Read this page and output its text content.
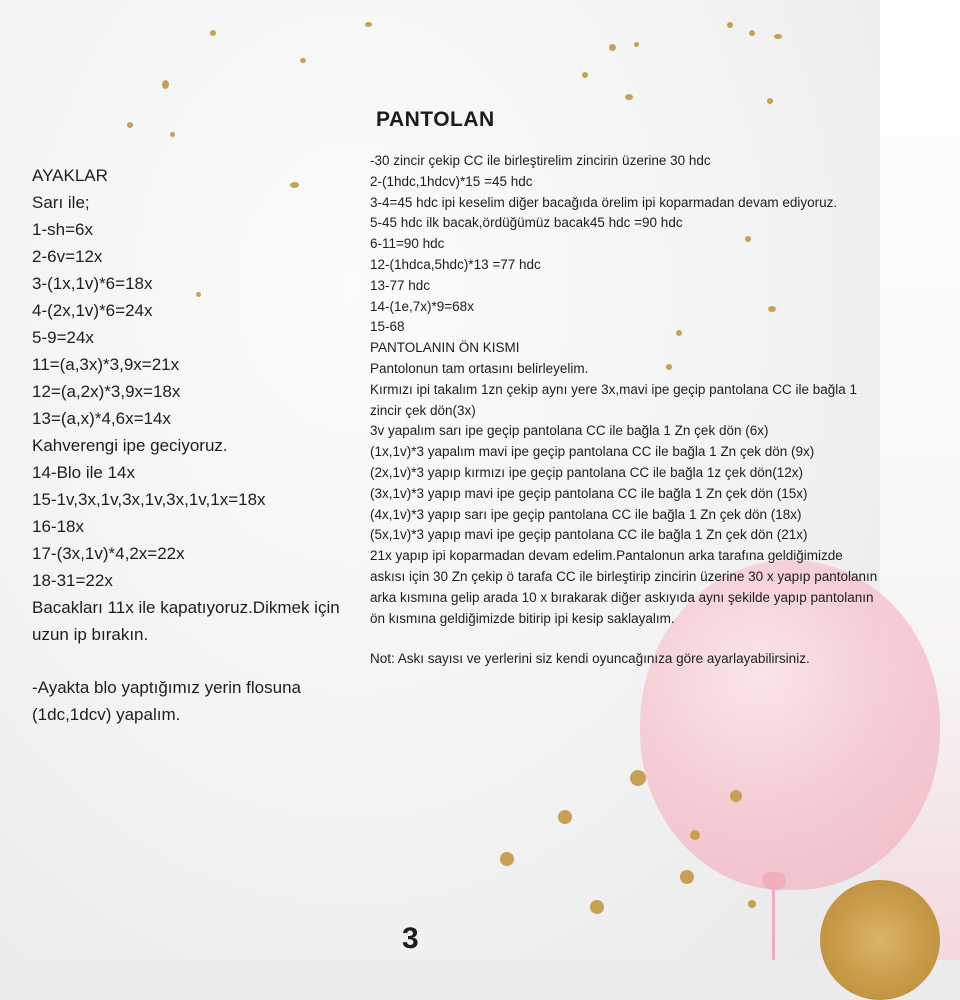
PANTOLAN
AYAKLAR
Sarı ile;
1-sh=6x
2-6v=12x
3-(1x,1v)*6=18x
4-(2x,1v)*6=24x
5-9=24x
11=(a,3x)*3,9x=21x
12=(a,2x)*3,9x=18x
13=(a,x)*4,6x=14x
Kahverengi ipe geciyoruz.
14-Blo ile 14x
15-1v,3x,1v,3x,1v,3x,1v,1x=18x
16-18x
17-(3x,1v)*4,2x=22x
18-31=22x
Bacakları 11x ile kapatıyoruz.Dikmek için uzun ip bırakın.
-Ayakta blo yaptığımız yerin flosuna (1dc,1dcv) yapalım.
-30 zincir çekip CC ile birleştirelim zincirin üzerine 30 hdc
2-(1hdc,1hdcv)*15 =45 hdc
3-4=45 hdc ipi keselim diğer bacağıda örelim ipi koparmadan devam ediyoruz.
5-45 hdc ilk bacak,ördüğümüz bacak45 hdc =90 hdc
6-11=90 hdc
12-(1hdca,5hdc)*13 =77 hdc
13-77 hdc
14-(1e,7x)*9=68x
15-68
PANTOLANIN ÖN KISMI
Pantolonun tam ortasını belirleyelim.
Kırmızı ipi takalım 1zn çekip aynı yere 3x,mavi ipe geçip pantolana CC ile bağla 1 zincir çek dön(3x)
3v yapalım sarı ipe geçip pantolana CC ile bağla 1 Zn çek dön (6x)
(1x,1v)*3 yapalım mavi ipe geçip pantolana CC ile bağla 1 Zn çek dön (9x)
(2x,1v)*3 yapıp kırmızı ipe geçip pantolana CC ile bağla 1z çek dön(12x)
(3x,1v)*3 yapıp mavi ipe geçip pantolana CC ile bağla 1 Zn çek dön (15x)
(4x,1v)*3 yapıp sarı ipe geçip pantolana CC ile bağla 1 Zn çek dön (18x)
(5x,1v)*3 yapıp mavi ipe geçip pantolana CC ile bağla 1 Zn çek dön (21x)
21x yapıp ipi koparmadan devam edelim.Pantalonun arka tarafına geldiğimizde askısı için 30 Zn çekip ö tarafa CC ile birleştirip zincirin üzerine 30 x yapıp pantolanın arka kısmına gelip arada 10 x bırakarak diğer askıyıda aynı şekilde yapıp pantolanın ön kısmına geldiğimizde bitirip ipi kesip saklayalım.
Not: Askı sayısı ve yerlerini siz kendi oyuncağınıza göre ayarlayabilirsiniz.
3
